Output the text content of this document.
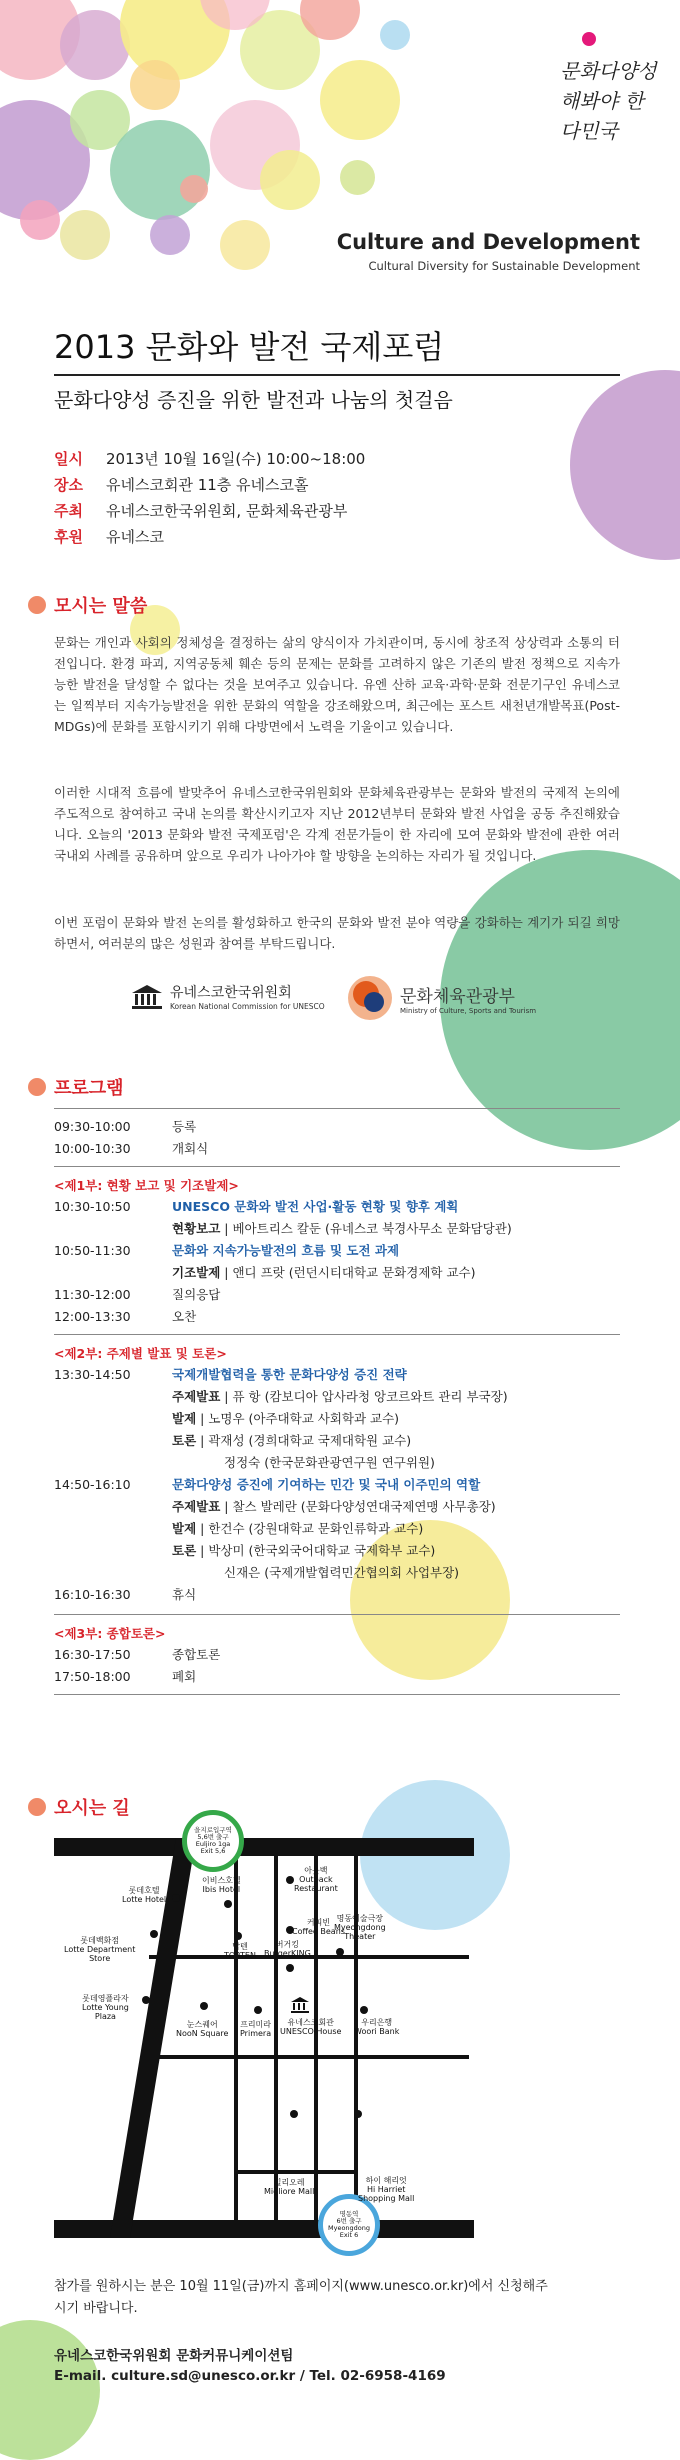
문화다양성 해봐야 한다민국
Culture and Development
Cultural Diversity for Sustainable Development
2013 문화와 발전 국제포럼
문화다양성 증진을 위한 발전과 나눔의 첫걸음
일시	2013년 10월 16일(수) 10:00~18:00
장소	유네스코회관 11층 유네스코홀
주최	유네스코한국위원회, 문화체육관광부
후원	유네스코
모시는 말씀
문화는 개인과 사회의 정체성을 결정하는 삶의 양식이자 가치관이며, 동시에 창조적 상상력과 소통의 터전입니다. 환경 파괴, 지역공동체 훼손 등의 문제는 문화를 고려하지 않은 기존의 발전 정책으로 지속가능한 발전을 달성할 수 없다는 것을 보여주고 있습니다. 유엔 산하 교육·과학·문화 전문기구인 유네스코는 일찍부터 지속가능발전을 위한 문화의 역할을 강조해왔으며, 최근에는 포스트 새천년개발목표(Post-MDGs)에 문화를 포함시키기 위해 다방면에서 노력을 기울이고 있습니다.
이러한 시대적 흐름에 발맞추어 유네스코한국위원회와 문화체육관광부는 문화와 발전의 국제적 논의에 주도적으로 참여하고 국내 논의를 확산시키고자 지난 2012년부터 문화와 발전 사업을 공동 추진해왔습니다. 오늘의 '2013 문화와 발전 국제포럼'은 각계 전문가들이 한 자리에 모여 문화와 발전에 관한 여러 국내외 사례를 공유하며 앞으로 우리가 나아가야 할 방향을 논의하는 자리가 될 것입니다.
이번 포럼이 문화와 발전 논의를 활성화하고 한국의 문화와 발전 분야 역량을 강화하는 계기가 되길 희망하면서, 여러분의 많은 성원과 참여를 부탁드립니다.
유네스코한국위원회
Korean National Commission for UNESCO	문화체육관광부
Ministry of Culture, Sports and Tourism
프로그램
09:30-10:00	등록
10:00-10:30	개회식
<제1부: 현황 보고 및 기조발제>
10:30-10:50	UNESCO 문화와 발전 사업·활동 현황 및 향후 계획
현황보고 | 베아트리스 칼둔 (유네스코 북경사무소 문화담당관)
10:50-11:30	문화와 지속가능발전의 흐름 및 도전 과제
기조발제 | 앤디 프랏 (런던시티대학교 문화경제학 교수)
11:30-12:00	질의응답
12:00-13:30	오찬
<제2부: 주제별 발표 및 토론>
13:30-14:50	국제개발협력을 통한 문화다양성 증진 전략
주제발표 | 퓨 항 (캄보디아 압사라청 앙코르와트 관리 부국장)
발제 | 노명우 (아주대학교 사회학과 교수)
토론 | 곽재성 (경희대학교 국제대학원 교수)
정정숙 (한국문화관광연구원 연구위원)
14:50-16:10	문화다양성 증진에 기여하는 민간 및 국내 이주민의 역할
주제발표 | 찰스 발레란 (문화다양성연대국제연맹 사무총장)
발제 | 한건수 (강원대학교 문화인류학과 교수)
토론 | 박상미 (한국외국어대학교 국제학부 교수)
신재은 (국제개발협력민간협의회 사업부장)
16:10-16:30	휴식
<제3부: 종합토론>
16:30-17:50	종합토론
17:50-18:00	폐회
오시는 길
을지로입구역
5,6번 출구
Euljiro 1ga
Exit 5,6
명동역
6번 출구
Myeongdong
Exit 6
롯데호텔
Lotte Hotel
이비스호텔
Ibis Hotel
아웃백
Outback
Restaurant
커피빈
Coffee Beans
롯데백화점
Lotte Department
Store
탑텐
TOPTEN
버거킹
BurgerKING
명동예술극장
Myeongdong
Theater
롯데영플라자
Lotte Young
Plaza
눈스퀘어
NooN Square
프리미라
Primera
유네스코회관
UNESCO House
우리은행
Woori Bank
밀리오레
Migliore Mall
하이 해리엇
Hi Harriet
Shopping Mall
참가를 원하시는 분은 10월 11일(금)까지 홈페이지(www.unesco.or.kr)에서 신청해주시기 바랍니다.
유네스코한국위원회 문화커뮤니케이션팀
E-mail. culture.sd@unesco.or.kr / Tel. 02-6958-4169
